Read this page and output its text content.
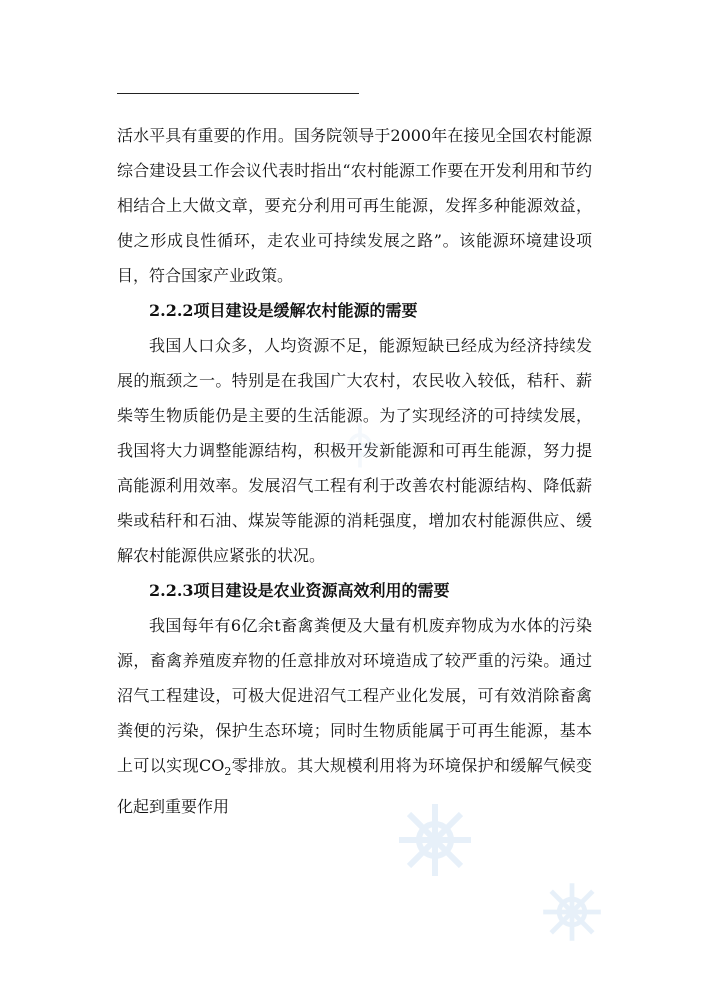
活水平具有重要的作用。国务院领导于2000年在接见全国农村能源综合建设县工作会议代表时指出“农村能源工作要在开发利用和节约相结合上大做文章，要充分利用可再生能源，发挥多种能源效益，使之形成良性循环，走农业可持续发展之路”。该能源环境建设项目，符合国家产业政策。

2.2.2项目建设是缓解农村能源的需要

我国人口众多，人均资源不足，能源短缺已经成为经济持续发展的瓶颈之一。特别是在我国广大农村，农民收入较低，秸秆、薪柴等生物质能仍是主要的生活能源。为了实现经济的可持续发展，我国将大力调整能源结构，积极开发新能源和可再生能源，努力提高能源利用效率。发展沼气工程有利于改善农村能源结构、降低薪柴或秸秆和石油、煤炭等能源的消耗强度，增加农村能源供应、缓解农村能源供应紧张的状况。

2.2.3项目建设是农业资源高效利用的需要

我国每年有6亿余t畜禽粪便及大量有机废弃物成为水体的污染源，畜禽养殖废弃物的任意排放对环境造成了较严重的污染。通过沼气工程建设，可极大促进沼气工程产业化发展，可有效消除畜禽粪便的污染，保护生态环境；同时生物质能属于可再生能源，基本上可以实现$CO_2$零排放。其大规模利用将为环境保护和缓解气候变化起到重要作用
